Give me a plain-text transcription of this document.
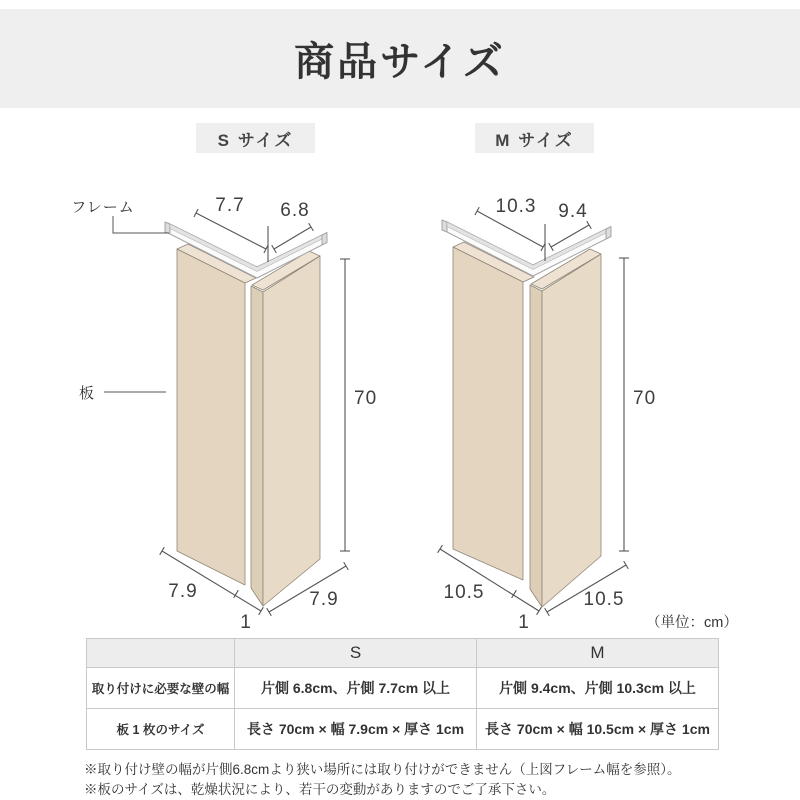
商品サイズ
S サイズ	M サイズ
7.7 6.8
70
7.9
1
7.9
フレーム
板
10.3 9.4
70
10.5
1
10.5
（単位：cm）
	S	M
取り付けに必要な壁の幅	片側 6.8cm、片側 7.7cm 以上	片側 9.4cm、片側 10.3cm 以上
板 1 枚のサイズ	長さ 70cm × 幅 7.9cm × 厚さ 1cm	長さ 70cm × 幅 10.5cm × 厚さ 1cm
※取り付け壁の幅が片側6.8cmより狭い場所には取り付けができません（上図フレーム幅を参照）。
※板のサイズは、乾燥状況により、若干の変動がありますのでご了承下さい。
